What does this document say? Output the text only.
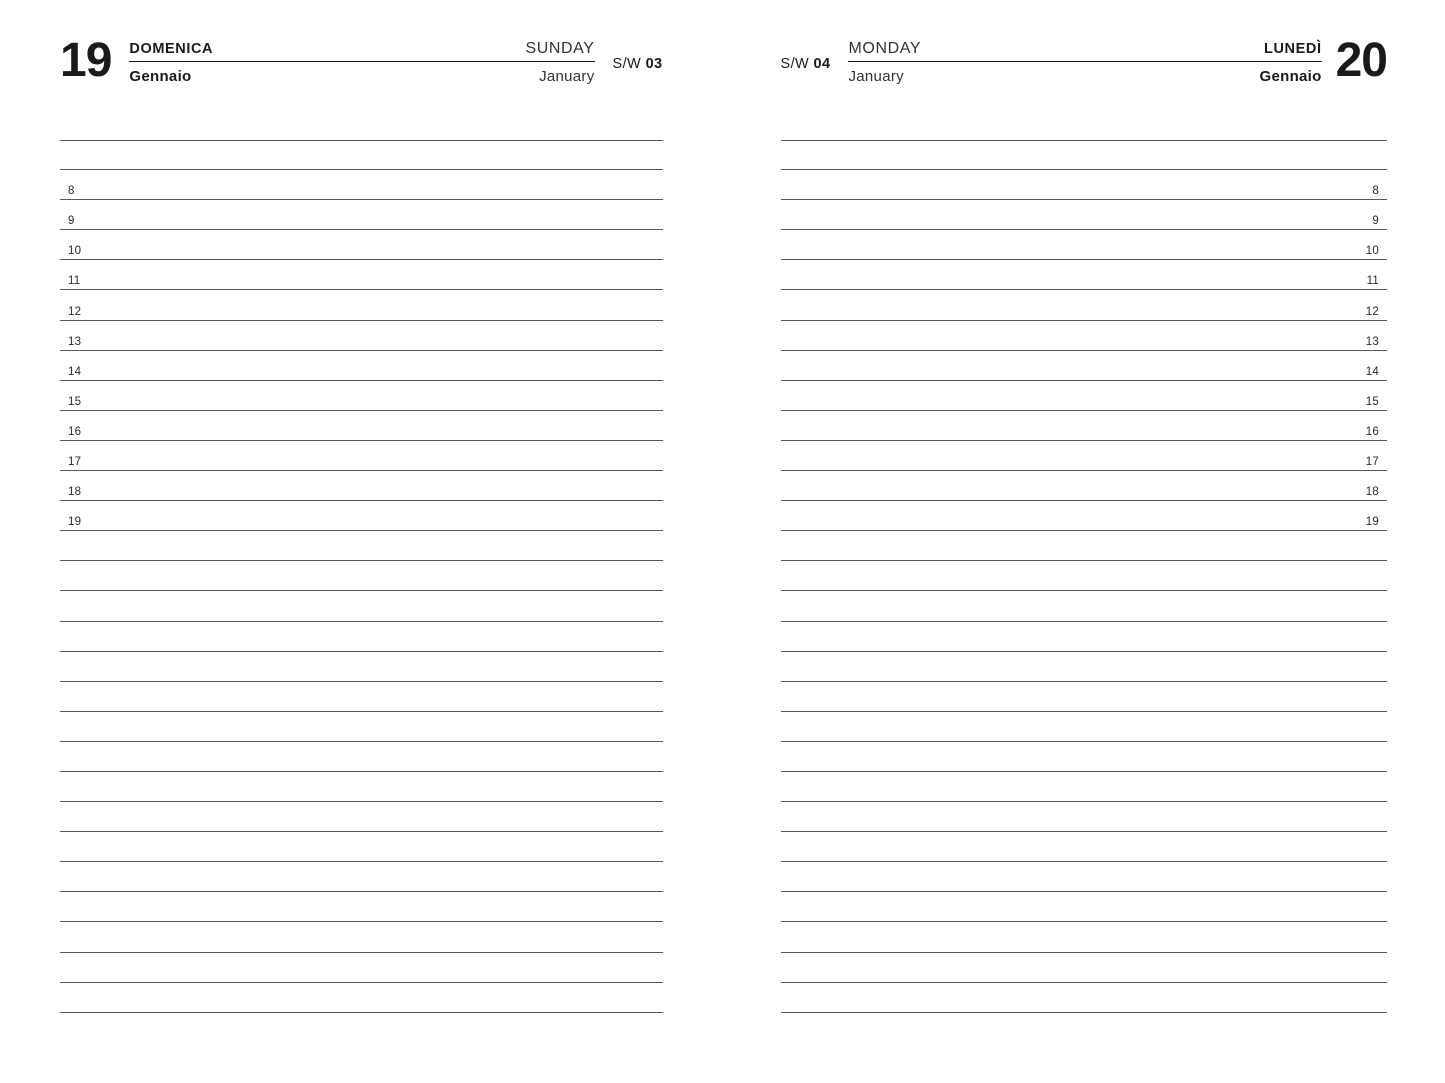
19 DOMENICA	SUNDAY
Gennaio	January
S/W 03
8
9
10
11
12
13
14
15
16
17
18
19
S/W 04
MONDAY	LUNEDÌ
January	Gennaio 20
8
9
10
11
12
13
14
15
16
17
18
19
